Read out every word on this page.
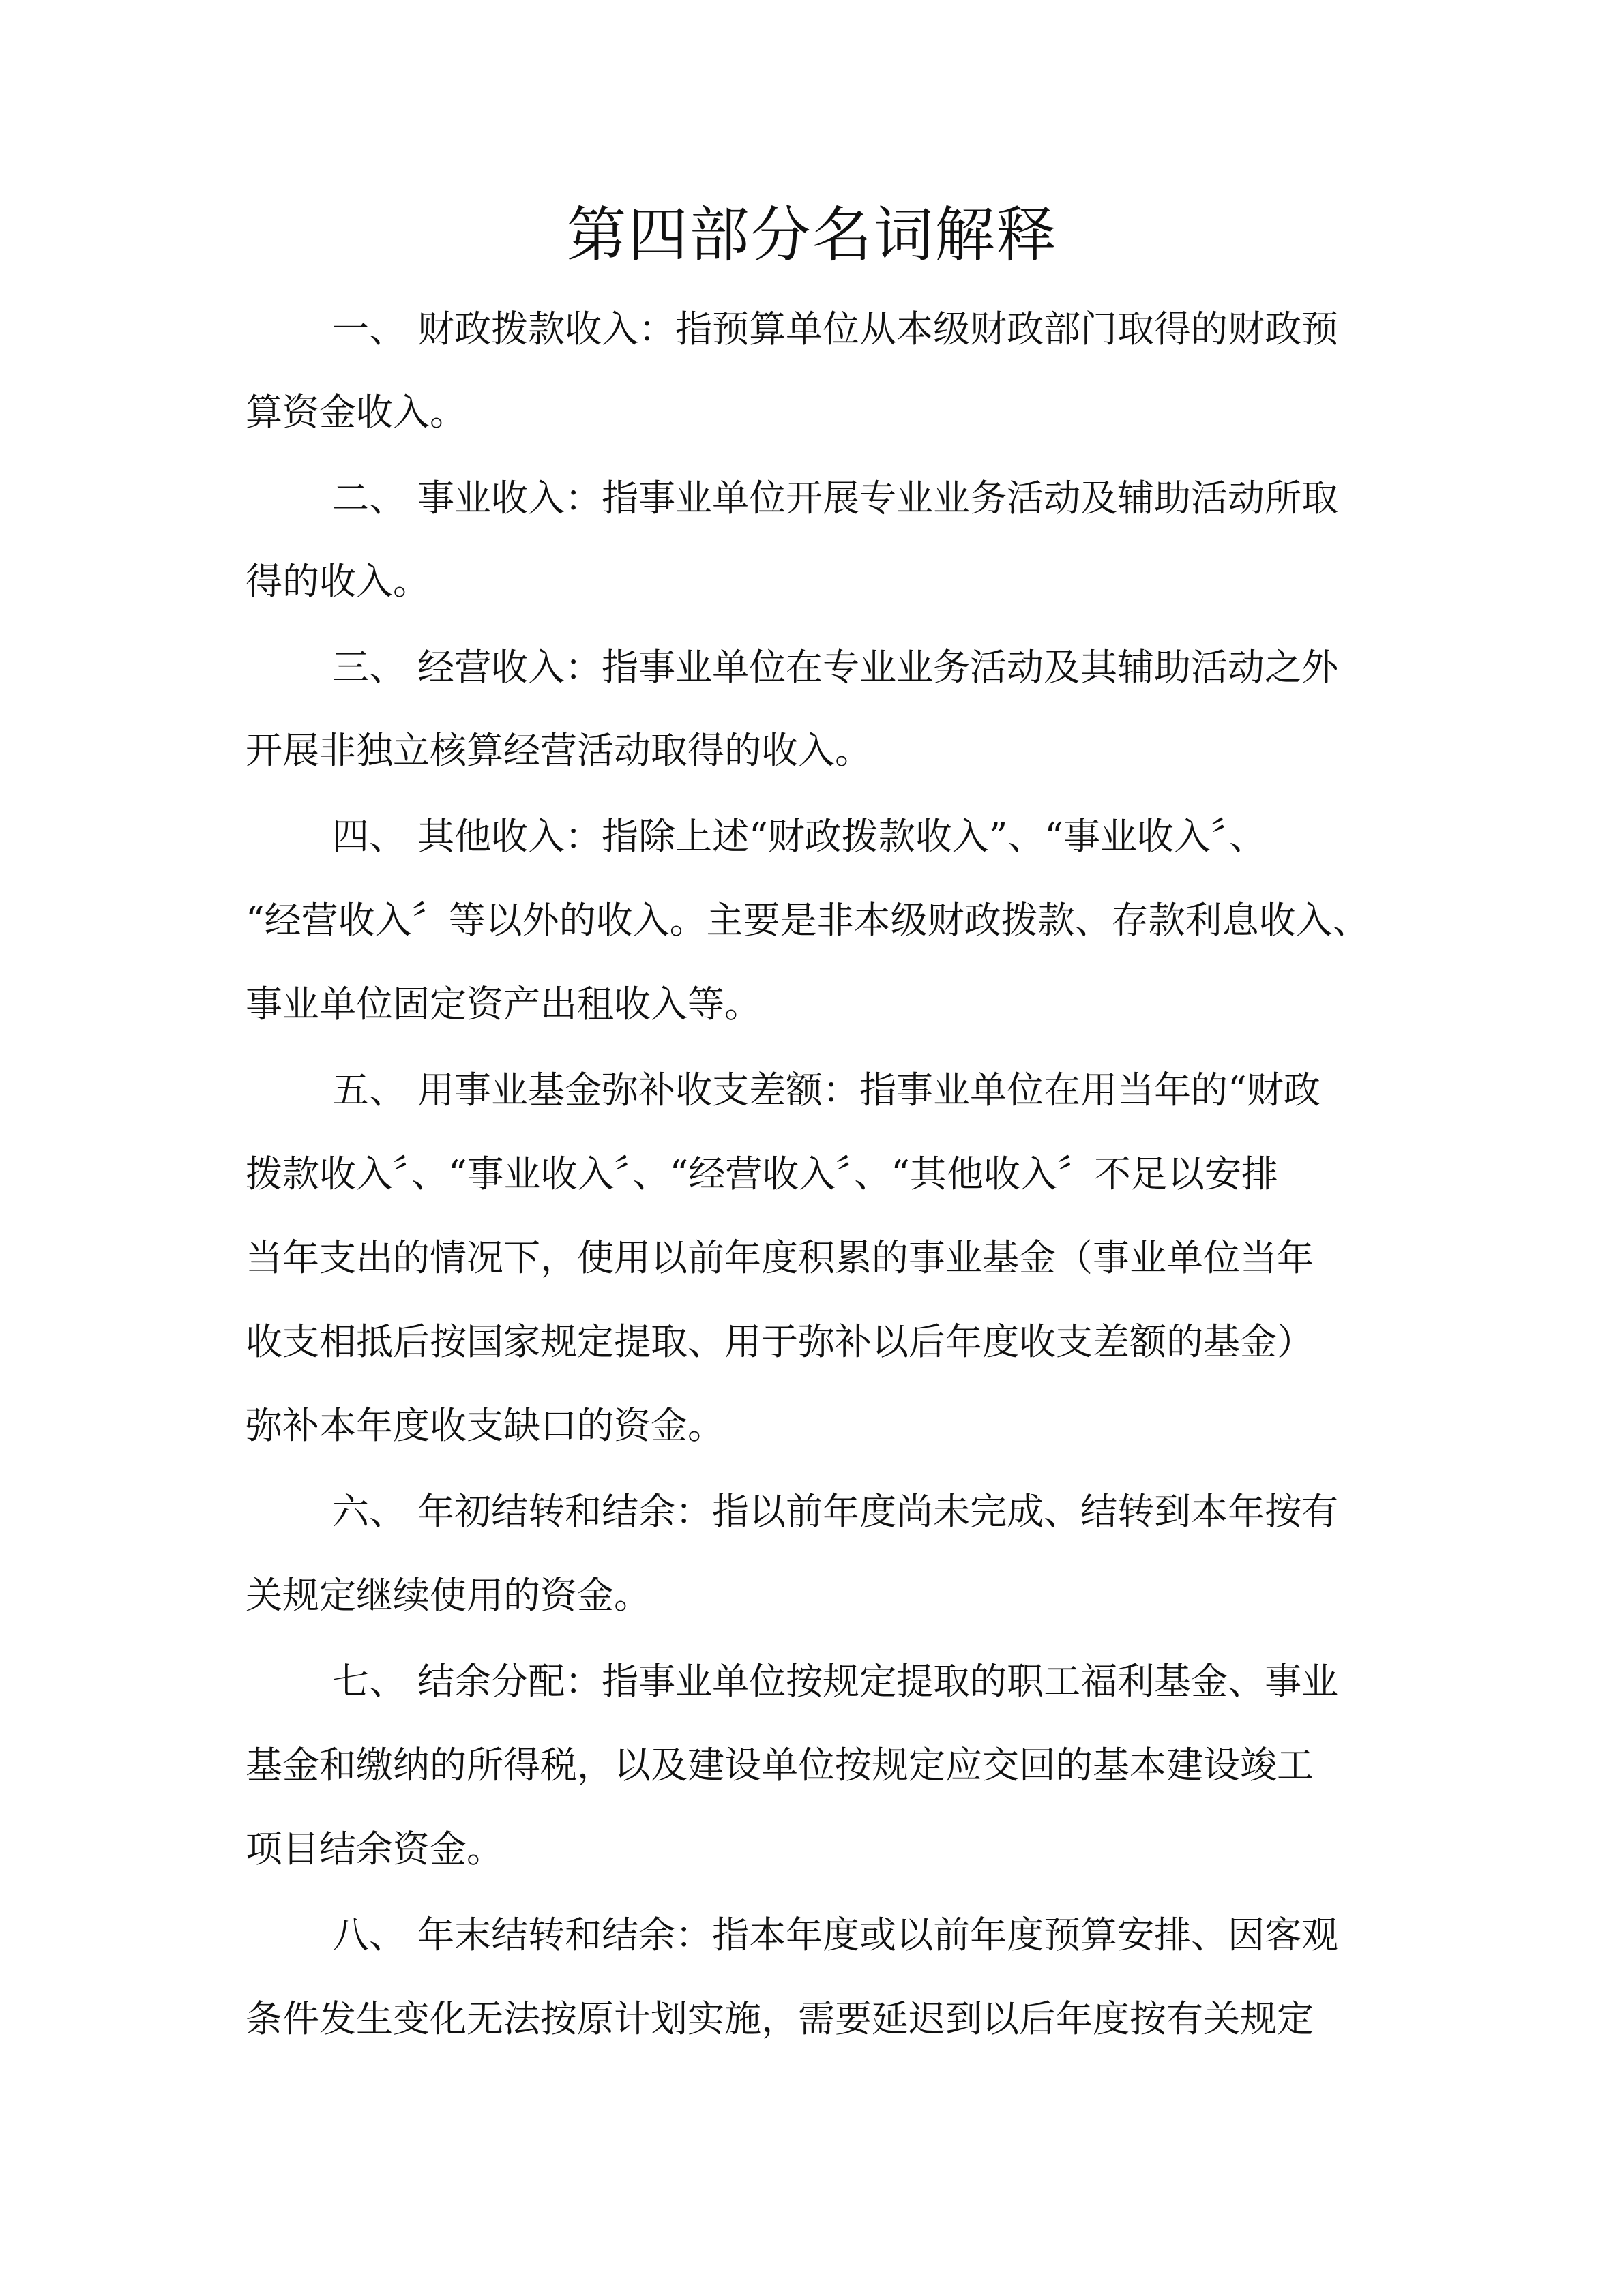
第四部分名词解释

一、 财政拨款收入：指预算单位从本级财政部门取得的财政预

算资金收入。

二、 事业收入：指事业单位开展专业业务活动及辅助活动所取

得的收入。

三、 经营收入：指事业单位在专业业务活动及其辅助活动之外

开展非独立核算经营活动取得的收入。

四、 其他收入：指除上述“财政拨款收入”、“事业收入〞、

“经营收入〞等以外的收入。主要是非本级财政拨款、存款利息收入、

事业单位固定资产出租收入等。

五、 用事业基金弥补收支差额：指事业单位在用当年的“财政

拨款收入〞、“事业收入〞、“经营收入〞、“其他收入〞不足以安排

当年支出的情况下，使用以前年度积累的事业基金（事业单位当年

收支相抵后按国家规定提取、用于弥补以后年度收支差额的基金）

弥补本年度收支缺口的资金。

六、 年初结转和结余：指以前年度尚未完成、结转到本年按有

关规定继续使用的资金。

七、 结余分配：指事业单位按规定提取的职工福利基金、事业

基金和缴纳的所得税，以及建设单位按规定应交回的基本建设竣工

项目结余资金。

八、 年末结转和结余：指本年度或以前年度预算安排、因客观

条件发生变化无法按原计划实施，需要延迟到以后年度按有关规定
